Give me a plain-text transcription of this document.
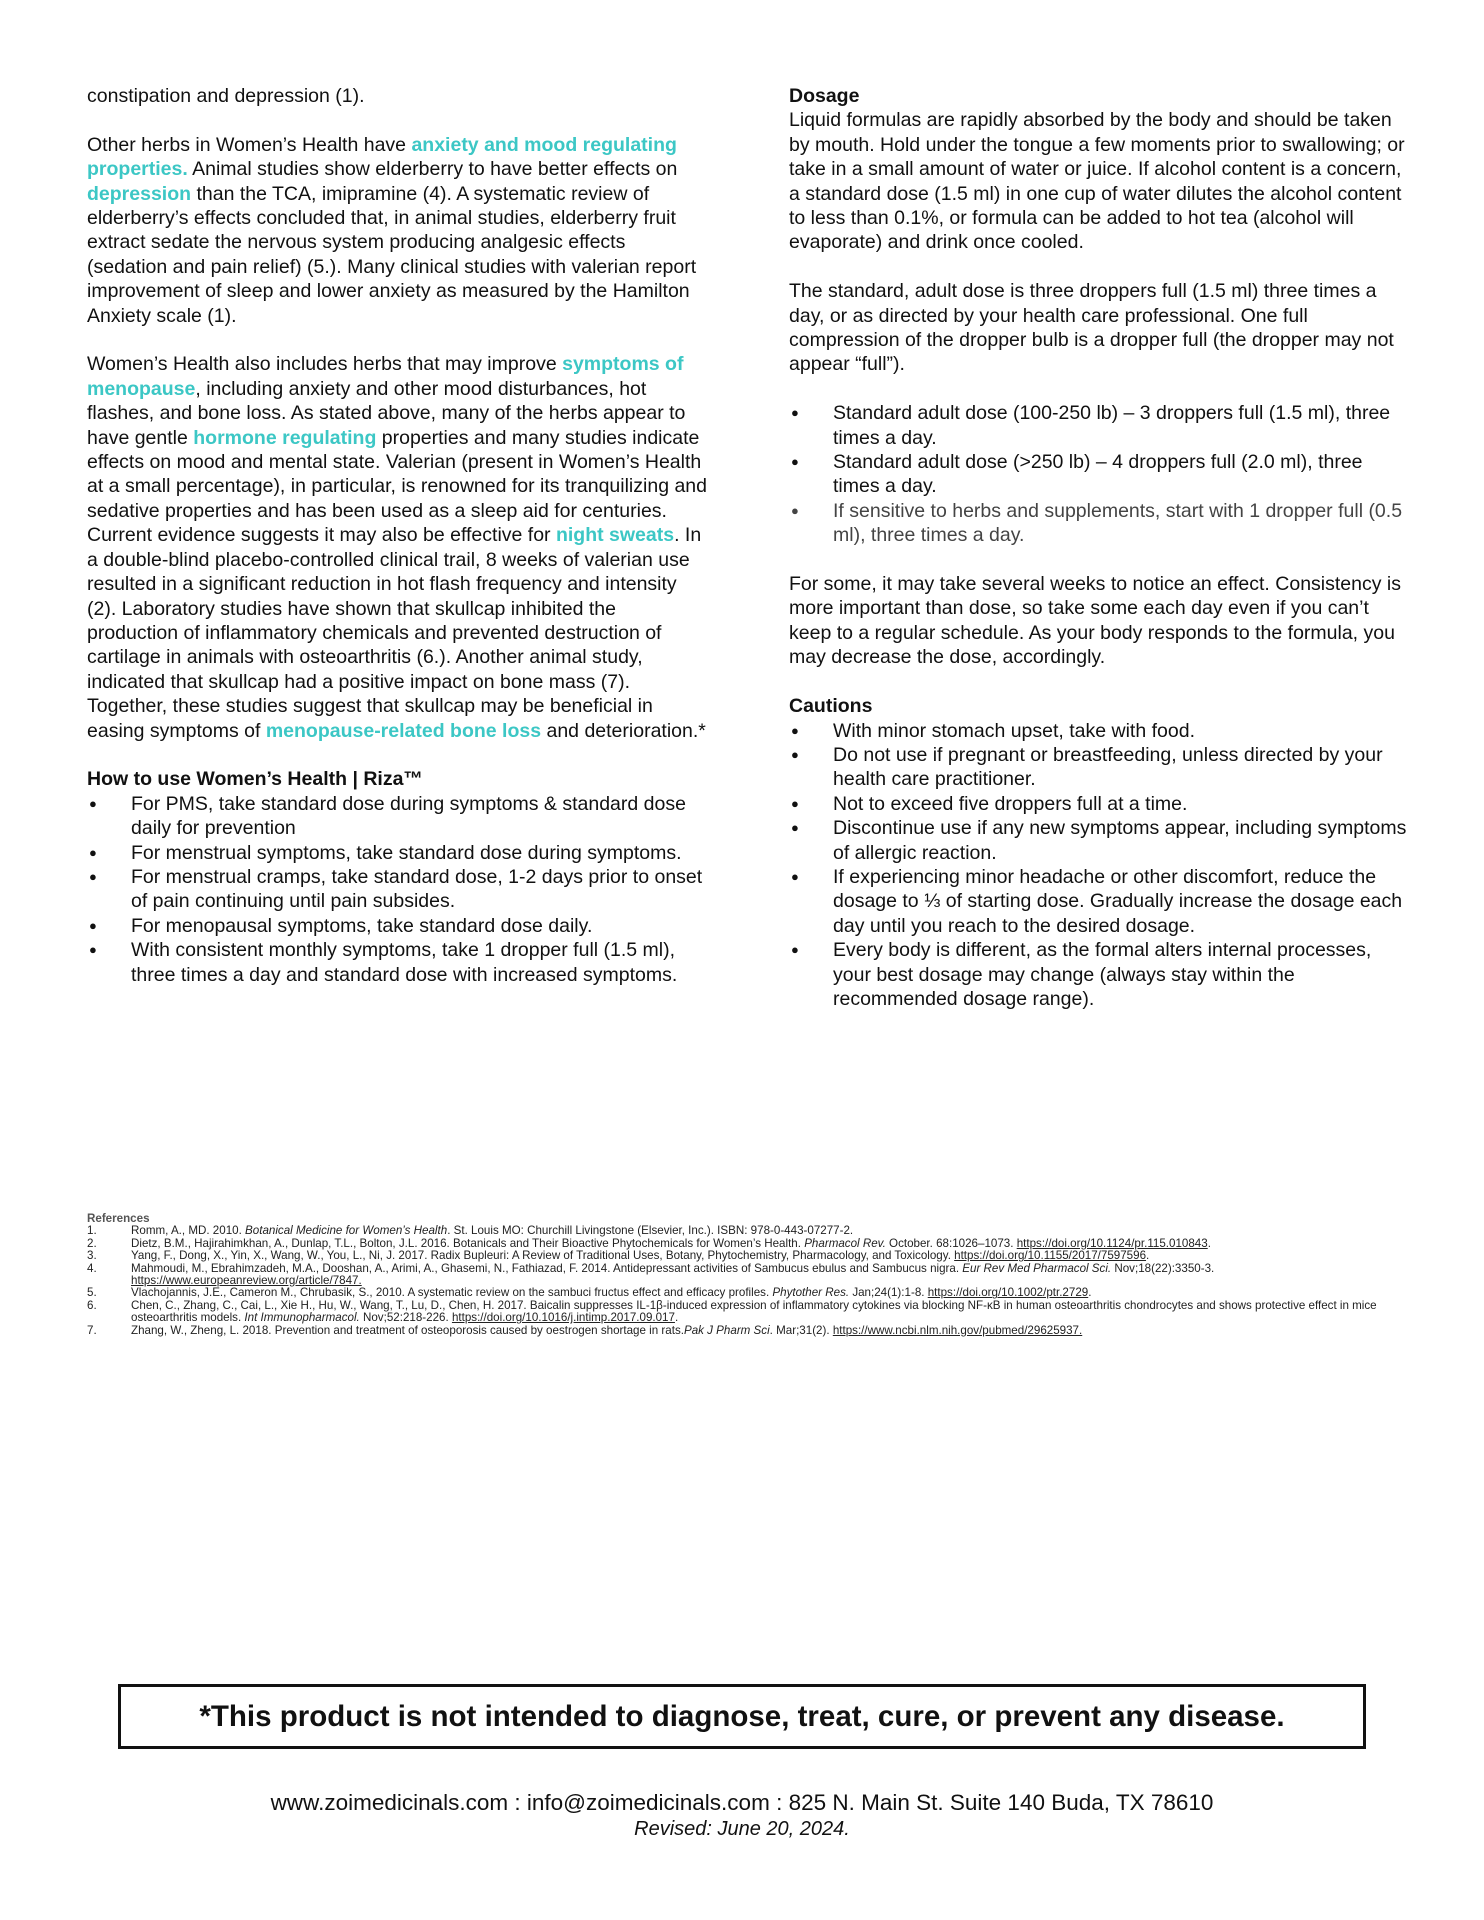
constipation and depression (1).

Other herbs in Women’s Health have anxiety and mood regulating properties. Animal studies show elderberry to have better effects on depression than the TCA, imipramine (4). A systematic review of elderberry’s effects concluded that, in animal studies, elderberry fruit extract sedate the nervous system producing analgesic effects (sedation and pain relief) (5.). Many clinical studies with valerian report improvement of sleep and lower anxiety as measured by the Hamilton Anxiety scale (1).

Women’s Health also includes herbs that may improve symptoms of menopause, including anxiety and other mood disturbances, hot flashes, and bone loss. As stated above, many of the herbs appear to have gentle hormone regulating properties and many studies indicate effects on mood and mental state. Valerian (present in Women’s Health at a small percentage), in particular, is renowned for its tranquilizing and sedative properties and has been used as a sleep aid for centuries. Current evidence suggests it may also be effective for night sweats. In a double-blind placebo-controlled clinical trail, 8 weeks of valerian use resulted in a significant reduction in hot flash frequency and intensity (2). Laboratory studies have shown that skullcap inhibited the production of inflammatory chemicals and prevented destruction of cartilage in animals with osteoarthritis (6.). Another animal study, indicated that skullcap had a positive impact on bone mass (7). Together, these studies suggest that skullcap may be beneficial in easing symptoms of menopause-related bone loss and deterioration.*

How to use Women’s Health | Riza™
● For PMS, take standard dose during symptoms & standard dose daily for prevention
● For menstrual symptoms, take standard dose during symptoms.
● For menstrual cramps, take standard dose, 1-2 days prior to onset of pain continuing until pain subsides.
● For menopausal symptoms, take standard dose daily.
● With consistent monthly symptoms, take 1 dropper full (1.5 ml), three times a day and standard dose with increased symptoms.
Dosage

Liquid formulas are rapidly absorbed by the body and should be taken by mouth. Hold under the tongue a few moments prior to swallowing; or take in a small amount of water or juice. If alcohol content is a concern, a standard dose (1.5 ml) in one cup of water dilutes the alcohol content to less than 0.1%, or formula can be added to hot tea (alcohol will evaporate) and drink once cooled.

The standard, adult dose is three droppers full (1.5 ml) three times a day, or as directed by your health care professional. One full compression of the dropper bulb is a dropper full (the dropper may not appear “full”).

● Standard adult dose (100-250 lb) – 3 droppers full (1.5 ml), three times a day.
● Standard adult dose (>250 lb) – 4 droppers full (2.0 ml), three times a day.
● If sensitive to herbs and supplements, start with 1 dropper full (0.5 ml), three times a day.

For some, it may take several weeks to notice an effect. Consistency is more important than dose, so take some each day even if you can’t keep to a regular schedule. As your body responds to the formula, you may decrease the dose, accordingly.

Cautions
● With minor stomach upset, take with food.
● Do not use if pregnant or breastfeeding, unless directed by your health care practitioner.
● Not to exceed five droppers full at a time.
● Discontinue use if any new symptoms appear, including symptoms of allergic reaction.
● If experiencing minor headache or other discomfort, reduce the dosage to ⅓ of starting dose. Gradually increase the dosage each day until you reach to the desired dosage.
● Every body is different, as the formal alters internal processes, your best dosage may change (always stay within the recommended dosage range).
References
1.	Romm, A., MD. 2010. Botanical Medicine for Women’s Health. St. Louis MO: Churchill Livingstone (Elsevier, Inc.). ISBN: 978-0-443-07277-2.
2.	Dietz, B.M., Hajirahimkhan, A., Dunlap, T.L., Bolton, J.L. 2016. Botanicals and Their Bioactive Phytochemicals for Women’s Health. Pharmacol Rev. October. 68:1026–1073. https://doi.org/10.1124/pr.115.010843.
3.	Yang, F., Dong, X., Yin, X., Wang, W., You, L., Ni, J. 2017. Radix Bupleuri: A Review of Traditional Uses, Botany, Phytochemistry, Pharmacology, and Toxicology. https://doi.org/10.1155/2017/7597596.
4.	Mahmoudi, M., Ebrahimzadeh, M.A., Dooshan, A., Arimi, A., Ghasemi, N., Fathiazad, F. 2014. Antidepressant activities of Sambucus ebulus and Sambucus nigra. Eur Rev Med Pharmacol Sci. Nov;18(22):3350-3. https://www.europeanreview.org/article/7847.
5.	Vlachojannis, J.E., Cameron M., Chrubasik, S., 2010. A systematic review on the sambuci fructus effect and efficacy profiles. Phytother Res. Jan;24(1):1-8. https://doi.org/10.1002/ptr.2729.
6.	Chen, C., Zhang, C., Cai, L., Xie H., Hu, W., Wang, T., Lu, D., Chen, H. 2017. Baicalin suppresses IL-1β-induced expression of inflammatory cytokines via blocking NF-κB in human osteoarthritis chondrocytes and shows protective effect in mice osteoarthritis models. Int Immunopharmacol. Nov;52:218-226. https://doi.org/10.1016/j.intimp.2017.09.017.
7.	Zhang, W., Zheng, L. 2018. Prevention and treatment of osteoporosis caused by oestrogen shortage in rats.Pak J Pharm Sci. Mar;31(2). https://www.ncbi.nlm.nih.gov/pubmed/29625937.
*This product is not intended to diagnose, treat, cure, or prevent any disease.
www.zoimedicinals.com : info@zoimedicinals.com : 825 N. Main St. Suite 140 Buda, TX 78610
Revised: June 20, 2024.
